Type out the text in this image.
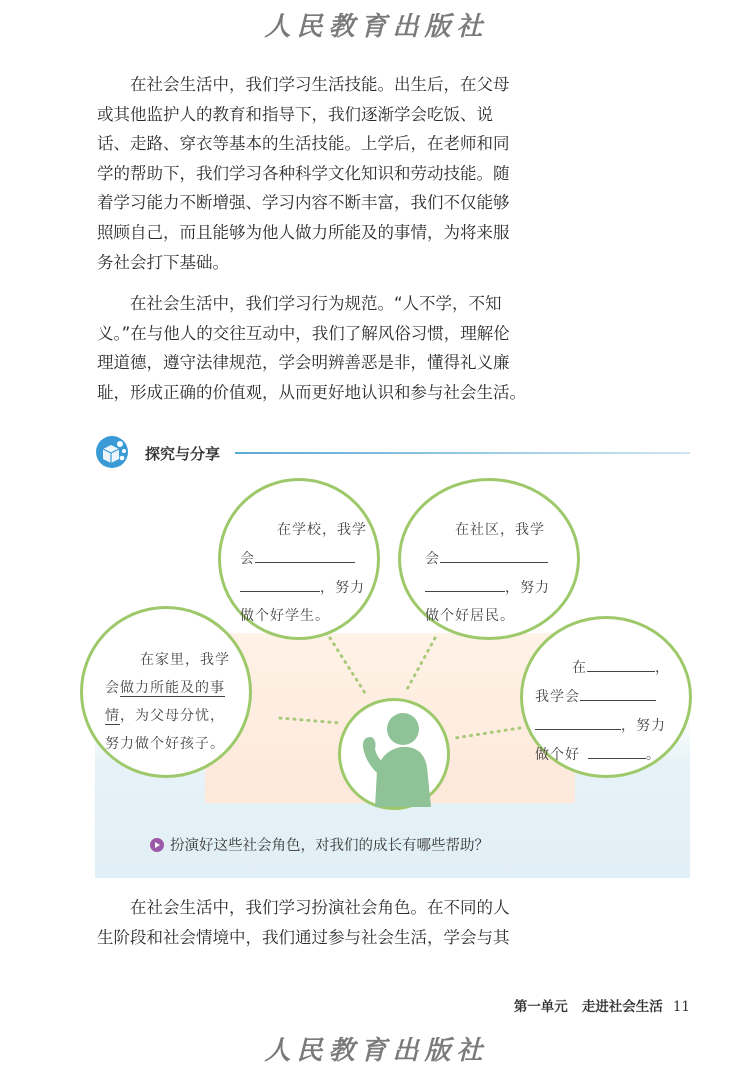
人民教育出版社
在社会生活中，我们学习生活技能。出生后，在父母
或其他监护人的教育和指导下，我们逐渐学会吃饭、说
话、走路、穿衣等基本的生活技能。上学后，在老师和同
学的帮助下，我们学习各种科学文化知识和劳动技能。随
着学习能力不断增强、学习内容不断丰富，我们不仅能够
照顾自己，而且能够为他人做力所能及的事情，为将来服
务社会打下基础。
在社会生活中，我们学习行为规范。“人不学，不知
义。”在与他人的交往互动中，我们了解风俗习惯，理解伦
理道德，遵守法律规范，学会明辨善恶是非，懂得礼义廉
耻，形成正确的价值观，从而更好地认识和参与社会生活。
探究与分享
在学校，我学
会
，努力
做个好学生。
在社区，我学
会
，努力
做个好居民。
在家里，我学
会做力所能及的事
情，为父母分忧，
努力做个好孩子。
在	，
我学会
，努力
做个好	。
扮演好这些社会角色，对我们的成长有哪些帮助？
在社会生活中，我们学习扮演社会角色。在不同的人
生阶段和社会情境中，我们通过参与社会生活，学会与其
第一单元 走进社会生活 11
人民教育出版社
